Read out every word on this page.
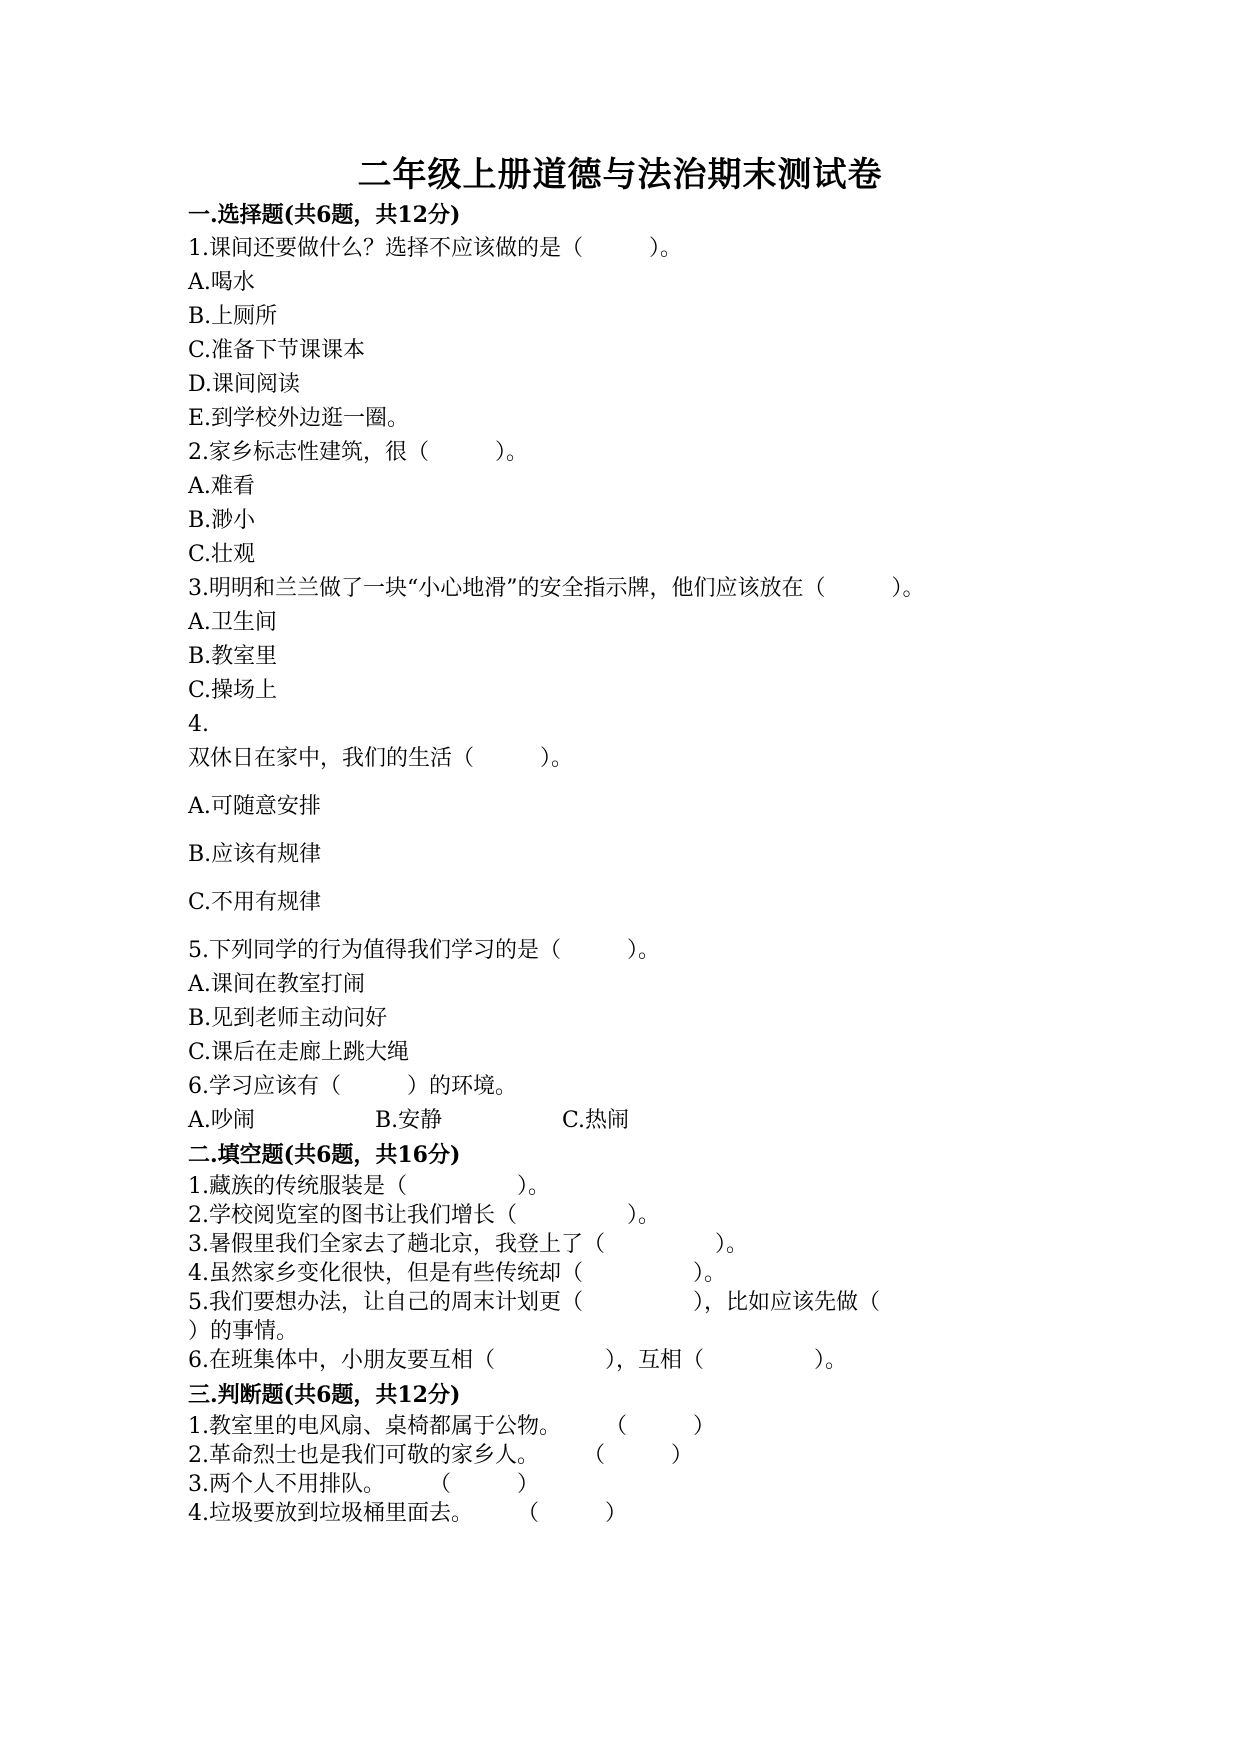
二年级上册道德与法治期末测试卷
一.选择题(共6题，共12分)
1.课间还要做什么？选择不应该做的是（　　　）。
A.喝水
B.上厕所
C.准备下节课课本
D.课间阅读
E.到学校外边逛一圈。
2.家乡标志性建筑，很（　　　）。
A.难看
B.渺小
C.壮观
3.明明和兰兰做了一块“小心地滑”的安全指示牌，他们应该放在（　　　）。
A.卫生间
B.教室里
C.操场上
4.
双休日在家中，我们的生活（　　　）。
A.可随意安排
B.应该有规律
C.不用有规律
5.下列同学的行为值得我们学习的是（　　　）。
A.课间在教室打闹
B.见到老师主动问好
C.课后在走廊上跳大绳
6.学习应该有（　　　）的环境。
A.吵闹	B.安静	C.热闹
二.填空题(共6题，共16分)
1.藏族的传统服装是（　　　　　）。
2.学校阅览室的图书让我们增长（　　　　　）。
3.暑假里我们全家去了趟北京，我登上了（　　　　　）。
4.虽然家乡变化很快，但是有些传统却（　　　　　）。
5.我们要想办法，让自己的周末计划更（　　　　　），比如应该先做（
）的事情。
6.在班集体中，小朋友要互相（　　　　　），互相（　　　　　）。
三.判断题(共6题，共12分)
1.教室里的电风扇、桌椅都属于公物。　　　（　　　）
2.革命烈士也是我们可敬的家乡人。　　　（　　　）
3.两个人不用排队。　　　（　　　）
4.垃圾要放到垃圾桶里面去。　　　（　　　）
